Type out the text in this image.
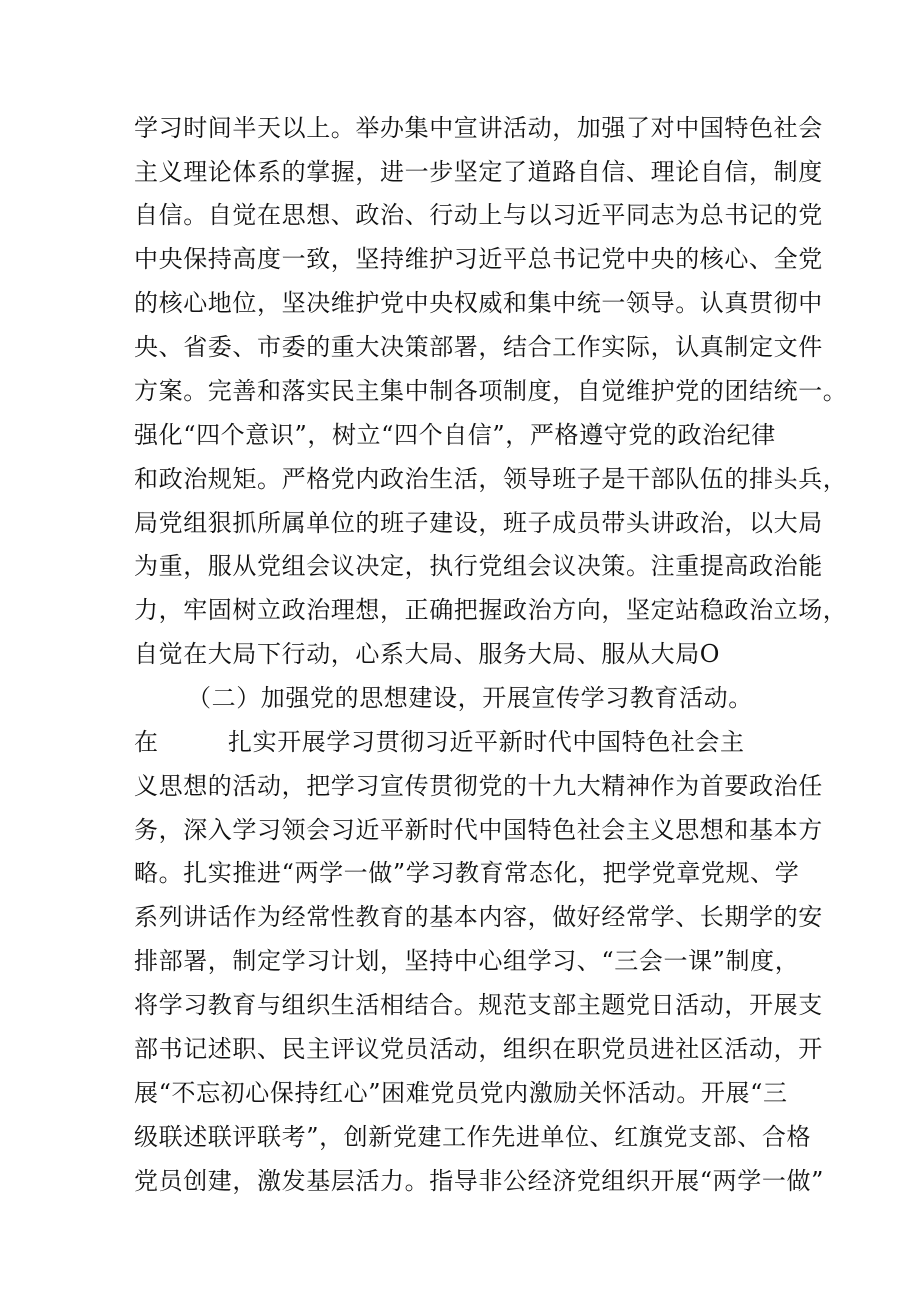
学习时间半天以上。举办集中宣讲活动，加强了对中国特色社会
主义理论体系的掌握，进一步坚定了道路自信、理论自信，制度
自信。自觉在思想、政治、行动上与以习近平同志为总书记的党
中央保持高度一致，坚持维护习近平总书记党中央的核心、全党
的核心地位，坚决维护党中央权威和集中统一领导。认真贯彻中
央、省委、市委的重大决策部署，结合工作实际，认真制定文件
方案。完善和落实民主集中制各项制度，自觉维护党的团结统一。
强化“四个意识”，树立“四个自信”，严格遵守党的政治纪律
和政治规矩。严格党内政治生活，领导班子是干部队伍的排头兵，
局党组狠抓所属单位的班子建设，班子成员带头讲政治，以大局
为重，服从党组会议决定，执行党组会议决策。注重提高政治能
力，牢固树立政治理想，正确把握政治方向，坚定站稳政治立场，
自觉在大局下行动，心系大局、服务大局、服从大局O
（二）加强党的思想建设，开展宣传学习教育活动。
在	扎实开展学习贯彻习近平新时代中国特色社会主
义思想的活动，把学习宣传贯彻党的十九大精神作为首要政治任
务，深入学习领会习近平新时代中国特色社会主义思想和基本方
略。扎实推进“两学一做”学习教育常态化，把学党章党规、学
系列讲话作为经常性教育的基本内容，做好经常学、长期学的安
排部署，制定学习计划，坚持中心组学习、“三会一课”制度，
将学习教育与组织生活相结合。规范支部主题党日活动，开展支
部书记述职、民主评议党员活动，组织在职党员进社区活动，开
展“不忘初心保持红心”困难党员党内激励关怀活动。开展“三
级联述联评联考”，创新党建工作先进单位、红旗党支部、合格
党员创建，激发基层活力。指导非公经济党组织开展“两学一做”
